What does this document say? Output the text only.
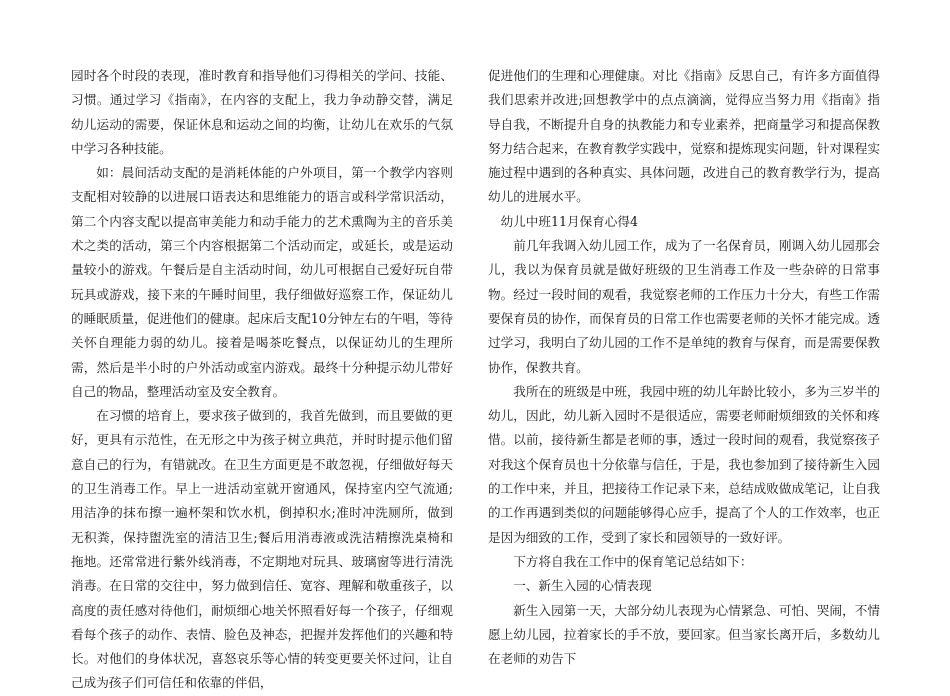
园时各个时段的表现，准时教育和指导他们习得相关的学问、技能、习惯。通过学习《指南》，在内容的支配上，我力争动静交替，满足幼儿运动的需要，保证休息和运动之间的均衡，让幼儿在欢乐的气氛中学习各种技能。

如：晨间活动支配的是消耗体能的户外项目，第一个教学内容则支配相对较静的以进展口语表达和思维能力的语言或科学常识活动，第二个内容支配以提高审美能力和动手能力的艺术熏陶为主的音乐美术之类的活动，第三个内容根据第二个活动而定，或延长，或是运动量较小的游戏。午餐后是自主活动时间，幼儿可根据自己爱好玩自带玩具或游戏，接下来的午睡时间里，我仔细做好巡察工作，保证幼儿的睡眠质量，促进他们的健康。起床后支配10分钟左右的午唱，等待关怀自理能力弱的幼儿。接着是喝茶吃餐点，以保证幼儿的生理所需，然后是半小时的户外活动或室内游戏。最终十分种提示幼儿带好自己的物品，整理活动室及安全教育。

在习惯的培育上，要求孩子做到的，我首先做到，而且要做的更好，更具有示范性，在无形之中为孩子树立典范，并时时提示他们留意自己的行为，有错就改。在卫生方面更是不敢忽视，仔细做好每天的卫生消毒工作。早上一进活动室就开窗通风，保持室内空气流通;用洁净的抹布擦一遍杯架和饮水机，倒掉积水;准时冲洗厕所，做到无积粪，保持盥洗室的清洁卫生;餐后用消毒液或洗洁精擦洗桌椅和拖地。还常常进行紫外线消毒，不定期地对玩具、玻璃窗等进行清洗消毒。在日常的交往中，努力做到信任、宽容、理解和敬重孩子，以高度的责任感对待他们，耐烦细心地关怀照看好每一个孩子，仔细观看每个孩子的动作、表情、脸色及神态，把握并发挥他们的兴趣和特长。对他们的身体状况，喜怒哀乐等心情的转变更要关怀过问，让自己成为孩子们可信任和依靠的伴侣，

促进他们的生理和心理健康。对比《指南》反思自己，有许多方面值得我们思索并改进;回想教学中的点点滴滴，觉得应当努力用《指南》指导自我，不断提升自身的执教能力和专业素养，把商量学习和提高保教努力结合起来，在教育教学实践中，觉察和提炼现实问题，针对课程实施过程中遇到的各种真实、具体问题，改进自己的教育教学行为，提高幼儿的进展水平。

幼儿中班11月保育心得4

前几年我调入幼儿园工作，成为了一名保育员，刚调入幼儿园那会儿，我以为保育员就是做好班级的卫生消毒工作及一些杂碎的日常事物。经过一段时间的观看，我觉察老师的工作压力十分大，有些工作需要保育员的协作，而保育员的日常工作也需要老师的关怀才能完成。透过学习，我明白了幼儿园的工作不是单纯的教育与保育，而是需要保教协作，保教共育。

我所在的班级是中班，我园中班的幼儿年龄比较小，多为三岁半的幼儿，因此，幼儿新入园时不是很适应，需要老师耐烦细致的关怀和疼惜。以前，接待新生都是老师的事，透过一段时间的观看，我觉察孩子对我这个保育员也十分依靠与信任，于是，我也参加到了接待新生入园的工作中来，并且，把接待工作记录下来，总结成败做成笔记，让自我的工作再遇到类似的问题能够得心应手，提高了个人的工作效率，也正是因为细致的工作，受到了家长和园领导的一致好评。

下方将自我在工作中的保育笔记总结如下：

一、新生入园的心情表现

新生入园第一天，大部分幼儿表现为心情紧急、可怕、哭闹，不情愿上幼儿园，拉着家长的手不放，要回家。但当家长离开后，多数幼儿在老师的劝告下
